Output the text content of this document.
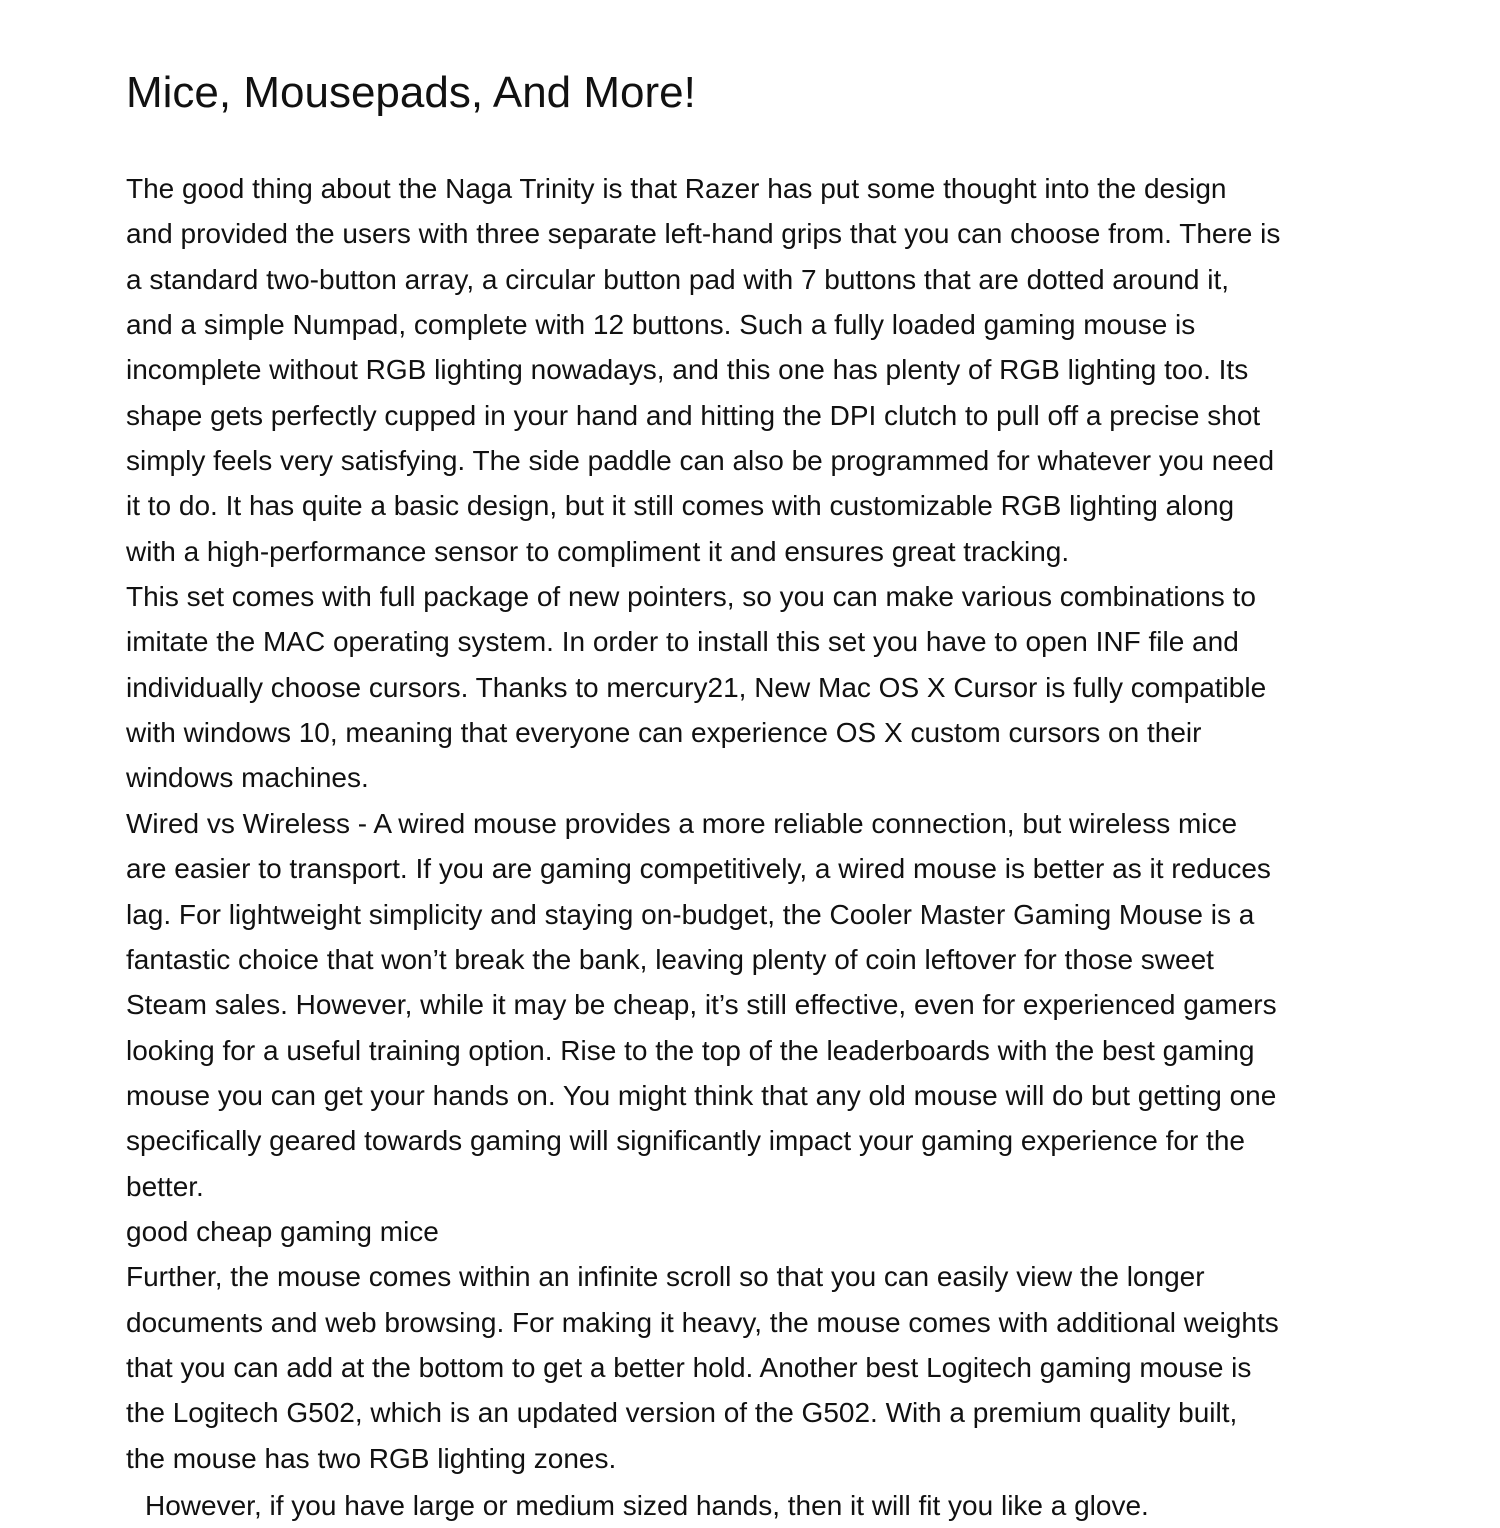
Mice, Mousepads, And More!
The good thing about the Naga Trinity is that Razer has put some thought into the design
and provided the users with three separate left-hand grips that you can choose from. There is
a standard two-button array, a circular button pad with 7 buttons that are dotted around it,
and a simple Numpad, complete with 12 buttons. Such a fully loaded gaming mouse is
incomplete without RGB lighting nowadays, and this one has plenty of RGB lighting too. Its
shape gets perfectly cupped in your hand and hitting the DPI clutch to pull off a precise shot
simply feels very satisfying. The side paddle can also be programmed for whatever you need
it to do. It has quite a basic design, but it still comes with customizable RGB lighting along
with a high-performance sensor to compliment it and ensures great tracking.
This set comes with full package of new pointers, so you can make various combinations to
imitate the MAC operating system. In order to install this set you have to open INF file and
individually choose cursors. Thanks to mercury21, New Mac OS X Cursor is fully compatible
with windows 10, meaning that everyone can experience OS X custom cursors on their
windows machines.
Wired vs Wireless - A wired mouse provides a more reliable connection, but wireless mice
are easier to transport. If you are gaming competitively, a wired mouse is better as it reduces
lag. For lightweight simplicity and staying on-budget, the Cooler Master Gaming Mouse is a
fantastic choice that won’t break the bank, leaving plenty of coin leftover for those sweet
Steam sales. However, while it may be cheap, it’s still effective, even for experienced gamers
looking for a useful training option. Rise to the top of the leaderboards with the best gaming
mouse you can get your hands on. You might think that any old mouse will do but getting one
specifically geared towards gaming will significantly impact your gaming experience for the
better.
good cheap gaming mice
Further, the mouse comes within an infinite scroll so that you can easily view the longer
documents and web browsing. For making it heavy, the mouse comes with additional weights
that you can add at the bottom to get a better hold. Another best Logitech gaming mouse is
the Logitech G502, which is an updated version of the G502. With a premium quality built,
the mouse has two RGB lighting zones.
However, if you have large or medium sized hands, then it will fit you like a glove.
